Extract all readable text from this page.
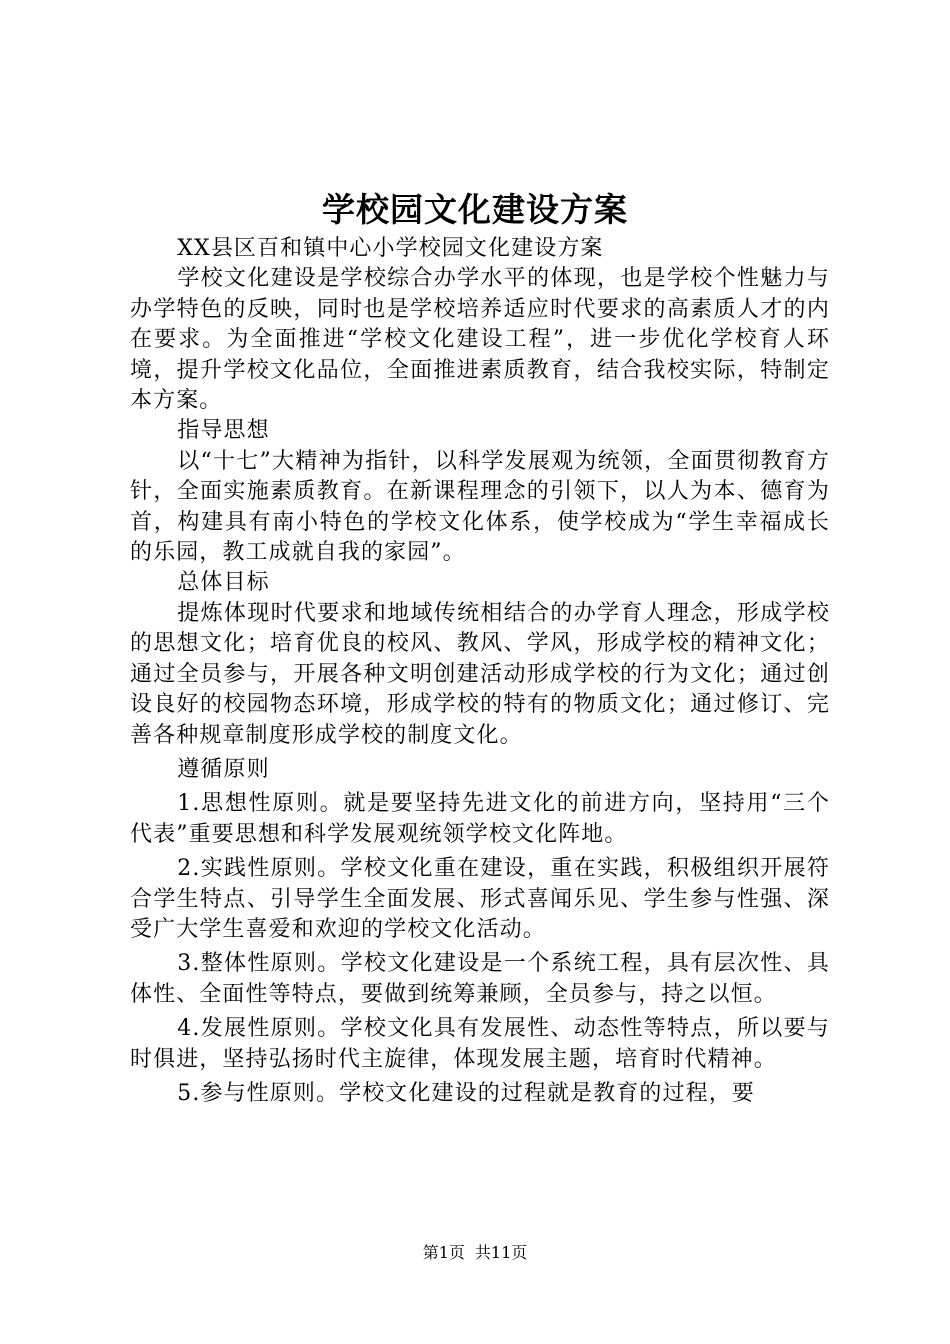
学校园文化建设方案

XX县区百和镇中心小学校园文化建设方案

学校文化建设是学校综合办学水平的体现，也是学校个性魅力与办学特色的反映，同时也是学校培养适应时代要求的高素质人才的内在要求。为全面推进“学校文化建设工程”，进一步优化学校育人环境，提升学校文化品位，全面推进素质教育，结合我校实际，特制定本方案。

指导思想

以“十七”大精神为指针，以科学发展观为统领，全面贯彻教育方针，全面实施素质教育。在新课程理念的引领下，以人为本、德育为首，构建具有南小特色的学校文化体系，使学校成为“学生幸福成长的乐园，教工成就自我的家园”。

总体目标

提炼体现时代要求和地域传统相结合的办学育人理念，形成学校的思想文化；培育优良的校风、教风、学风，形成学校的精神文化；通过全员参与，开展各种文明创建活动形成学校的行为文化；通过创设良好的校园物态环境，形成学校的特有的物质文化；通过修订、完善各种规章制度形成学校的制度文化。

遵循原则

1.思想性原则。就是要坚持先进文化的前进方向，坚持用“三个代表”重要思想和科学发展观统领学校文化阵地。

2.实践性原则。学校文化重在建设，重在实践，积极组织开展符合学生特点、引导学生全面发展、形式喜闻乐见、学生参与性强、深受广大学生喜爱和欢迎的学校文化活动。

3.整体性原则。学校文化建设是一个系统工程，具有层次性、具体性、全面性等特点，要做到统筹兼顾，全员参与，持之以恒。

4.发展性原则。学校文化具有发展性、动态性等特点，所以要与时俱进，坚持弘扬时代主旋律，体现发展主题，培育时代精神。

5.参与性原则。学校文化建设的过程就是教育的过程，要

第1页 共11页
